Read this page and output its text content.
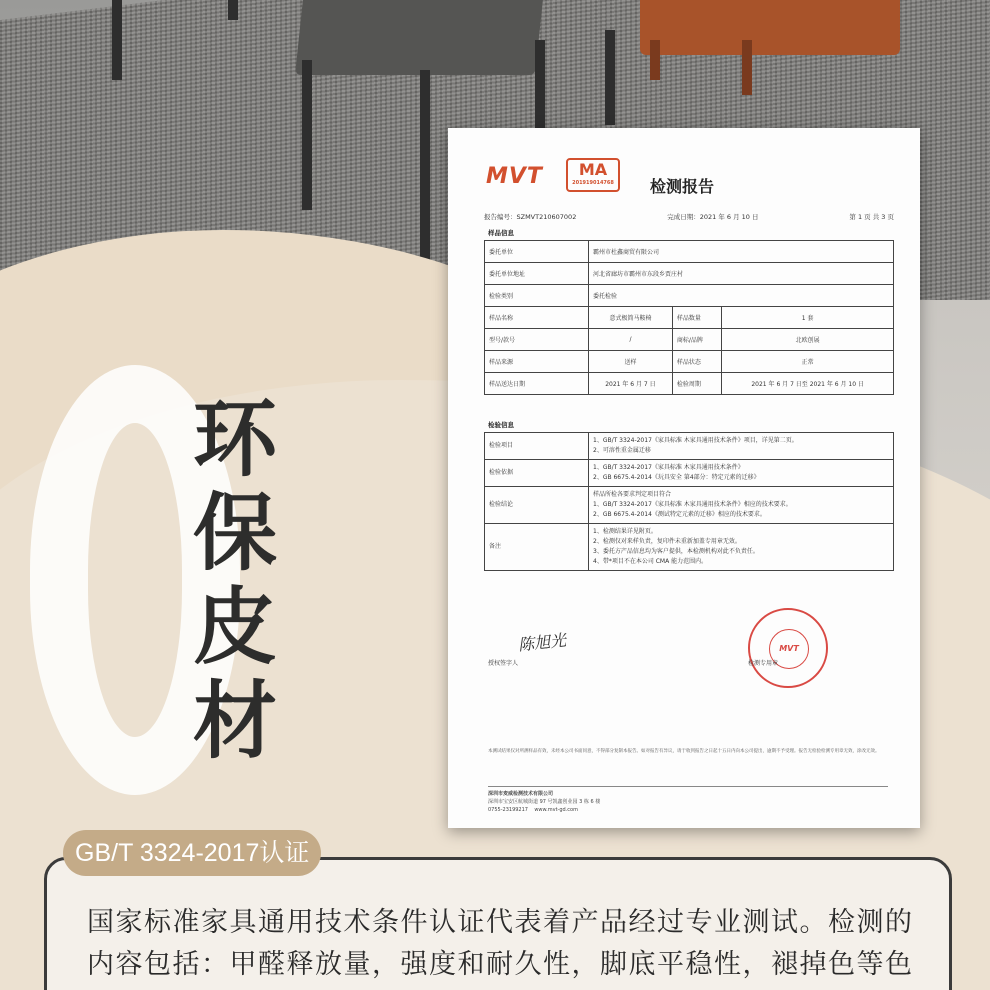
环
保
皮
材
MVT	MA
201919014768 检测报告
报告编号：SZMVT210607002	完成日期：2021 年 6 月 10 日	第 1 页 共 3 页
样品信息
委托单位	霸州市杜鑫商贸有限公司		
委托单位地址	河北省廊坊市霸州市东段乡贾庄村		
检验类别	委托检验		
样品名称	意式极简马鞍椅	样品数量	1 套
型号/款号	/	商标/品牌	北欧创展
样品来源	送样	样品状态	正常
样品送达日期	2021 年 6 月 7 日	检验周期	2021 年 6 月 7 日至 2021 年 6 月 10 日
检验信息
检验项目	1、GB/T 3324-2017《家具标准 木家具通用技术条件》项目，详见第二页。
2、可溶性重金属迁移
检验依据	1、GB/T 3324-2017《家具标准 木家具通用技术条件》
2、GB 6675.4-2014《玩具安全 第4部分：特定元素的迁移》
检验结论	样品所检各要求判定项目符合
1、GB/T 3324-2017《家具标准 木家具通用技术条件》相应的技术要求。
2、GB 6675.4-2014《测试特定元素的迁移》相应的技术要求。
备注	1、检测结果详见附页。
2、检测仅对来样负责，复印件未重新加盖专用章无效。
3、委托方产品信息均为客户提供，本检测机构对此不负责任。
4、带*项目不在本公司 CMA 能力范围内。
陈旭光
授权签字人
MVT
检测专用章
本测试结果仅对所测样品有效，未经本公司书面同意，不得部分复制本报告。如对报告有异议，请于收到报告之日起十五日内向本公司提出，逾期不予受理。报告无检验检测专用章无效，涂改无效。
深圳市麦威检测技术有限公司
深圳市宝安区航城街道 97 号凯鑫创业园 3 栋 6 楼
0755-23199217 www.mvt-gd.com
国家标准家具通用技术条件认证代表着产品经过专业测试。检测的内容包括：甲醛释放量，强度和耐久性，脚底平稳性，褪掉色等色
GB/T 3324-2017认证
